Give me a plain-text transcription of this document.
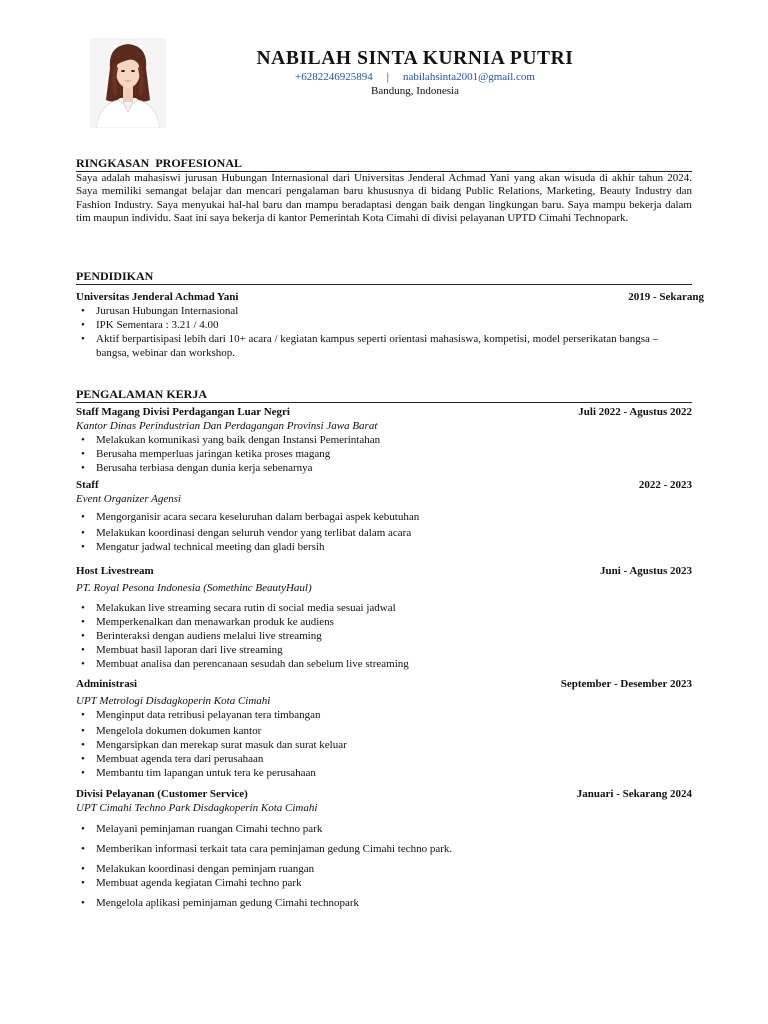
NABILAH SINTA KURNIA PUTRI
+6282246925894 | nabilahsinta2001@gmail.com
Bandung, Indonesia
RINGKASAN  PROFESIONAL

Saya adalah mahasiswi jurusan Hubungan Internasional dari Universitas Jenderal Achmad Yani yang akan wisuda di akhir tahun 2024. Saya memiliki semangat belajar dan mencari pengalaman baru khususnya di bidang Public Relations, Marketing, Beauty Industry dan Fashion Industry. Saya menyukai hal-hal baru dan mampu beradaptasi dengan baik dengan lingkungan baru. Saya mampu bekerja dalam tim maupun individu. Saat ini saya bekerja di kantor Pemerintah Kota Cimahi di divisi pelayanan UPTD Cimahi Technopark.

PENDIDIKAN
Universitas Jenderal Achmad Yani	2019 - Sekarang
• Jurusan Hubungan Internasional
• IPK Sementara : 3.21 / 4.00
• Aktif berpartisipasi lebih dari 10+ acara / kegiatan kampus seperti orientasi mahasiswa, kompetisi, model perserikatan bangsa – bangsa, webinar dan workshop.
PENGALAMAN KERJA
Staff Magang Divisi Perdagangan Luar Negri	Juli 2022 - Agustus 2022
Kantor Dinas Perindustrian Dan Perdagangan Provinsi Jawa Barat
• Melakukan komunikasi yang baik dengan Instansi Pemerintahan
• Berusaha memperluas jaringan ketika proses magang
• Berusaha terbiasa dengan dunia kerja sebenarnya
Staff	2022 - 2023
Event Organizer Agensi
• Mengorganisir acara secara keseluruhan dalam berbagai aspek kebutuhan
• Melakukan koordinasi dengan seluruh vendor yang terlibat dalam acara
• Mengatur jadwal technical meeting dan gladi bersih
Host Livestream	Juni - Agustus 2023
PT. Royal Pesona Indonesia (Somethinc BeautyHaul)
• Melakukan live streaming secara rutin di social media sesuai jadwal
• Memperkenalkan dan menawarkan produk ke audiens
• Berinteraksi dengan audiens melalui live streaming
• Membuat hasil laporan dari live streaming
• Membuat analisa dan perencanaan sesudah dan sebelum live streaming
Administrasi	September - Desember 2023
UPT Metrologi Disdagkoperin Kota Cimahi
• Menginput data retribusi pelayanan tera timbangan
• Mengelola dokumen dokumen kantor
• Mengarsipkan dan merekap surat masuk dan surat keluar
• Membuat agenda tera dari perusahaan
• Membantu tim lapangan untuk tera ke perusahaan
Divisi Pelayanan (Customer Service)	Januari - Sekarang 2024
UPT Cimahi Techno Park Disdagkoperin Kota Cimahi
• Melayani peminjaman ruangan Cimahi techno park
• Memberikan informasi terkait tata cara peminjaman gedung Cimahi techno park.
• Melakukan koordinasi dengan peminjam ruangan
• Membuat agenda kegiatan Cimahi techno park
• Mengelola aplikasi peminjaman gedung Cimahi technopark
